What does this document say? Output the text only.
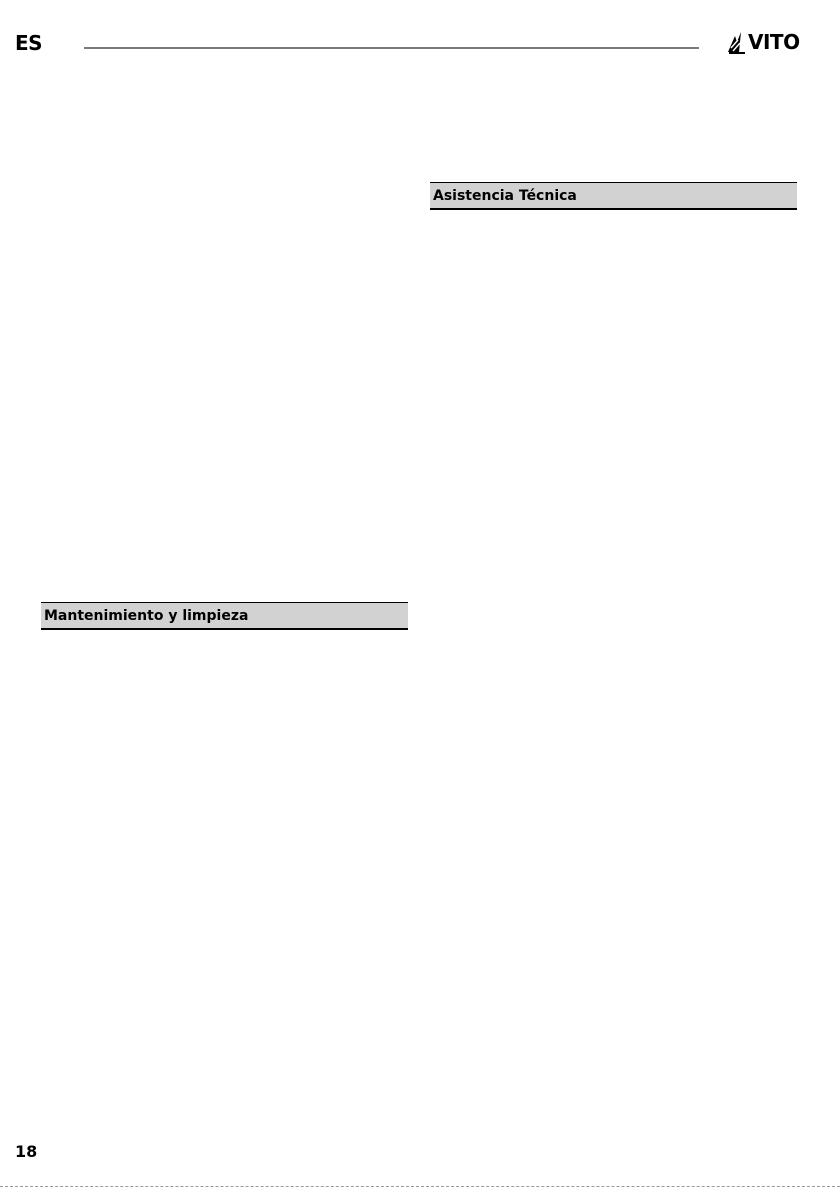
ES	VITO
Asistencia Técnica
Mantenimiento y limpieza
18
